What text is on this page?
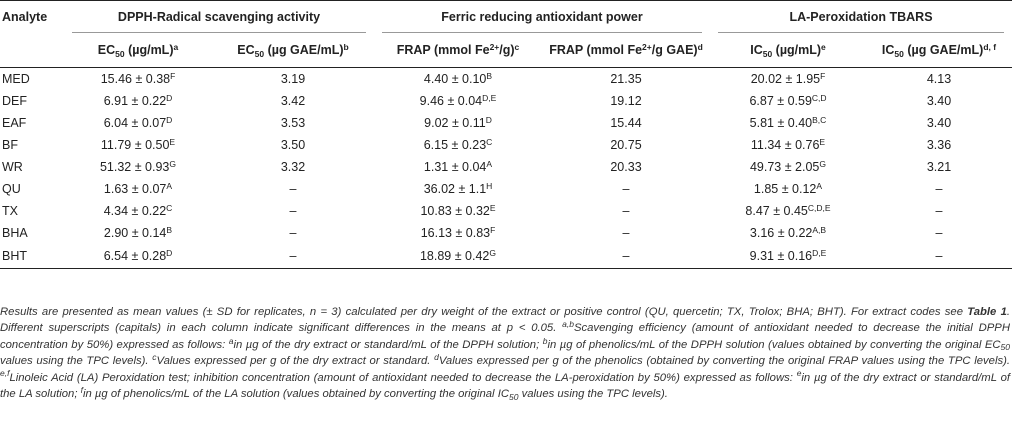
Analyte	DPPH-Radical scavenging activity		Ferric reducing antioxidant power		LA-Peroxidation TBARS	
	$EC_{50}$ $(\mu g/mL)^a$	$EC_{50}$ (µg GAE/mL)$^b$	FRAP (mmol $Fe^{2+}/g)^c$	FRAP (mmol $Fe^{2+}/g$ GAE)$^d$	$IC_{50}$ $(\mu g/mL)^e$	$IC_{50}$ (µg GAE/mL)$^{d, f}$
MED	$15.46 \pm 0.38^F$	3.19	$4.40 \pm 0.10^B$	21.35	$20.02 \pm 1.95^F$	4.13
DEF	$6.91 \pm 0.22^D$	3.42	$9.46 \pm 0.04^{D,E}$	19.12	$6.87 \pm 0.59^{C,D}$	3.40
EAF	$6.04 \pm 0.07^D$	3.53	$9.02 \pm 0.11^D$	15.44	$5.81 \pm 0.40^{B,C}$	3.40
BF	$11.79 \pm 0.50^E$	3.50	$6.15 \pm 0.23^C$	20.75	$11.34 \pm 0.76^E$	3.36
WR	$51.32 \pm 0.93^G$	3.32	$1.31 \pm 0.04^A$	20.33	$49.73 \pm 2.05^G$	3.21
QU	$1.63 \pm 0.07^A$	–	$36.02 \pm 1.1^H$	–	$1.85 \pm 0.12^A$	–
TX	$4.34 \pm 0.22^C$	–	$10.83 \pm 0.32^E$	–	$8.47 \pm 0.45^{C,D,E}$	–
BHA	$2.90 \pm 0.14^B$	–	$16.13 \pm 0.83^F$	–	$3.16 \pm 0.22^{A,B}$	–
BHT	$6.54 \pm 0.28^D$	–	$18.89 \pm 0.42^G$	–	$9.31 \pm 0.16^{D,E}$	–

Results are presented as mean values (± SD for replicates, n = 3) calculated per dry weight of the extract or positive control (QU, quercetin; TX, Trolox; BHA; BHT). For extract codes see Table 1. Different superscripts (capitals) in each column indicate significant differences in the means at p < 0.05. $^{a,b}$Scavenging efficiency (amount of antioxidant needed to decrease the initial DPPH concentration by 50%) expressed as follows: $^a$in µg of the dry extract or standard/mL of the DPPH solution; $^b$in µg of phenolics/mL of the DPPH solution (values obtained by converting the original $EC_{50}$ values using the TPC levels). $^c$Values expressed per g of the dry extract or standard. $^d$Values expressed per g of the phenolics (obtained by converting the original FRAP values using the TPC levels). $^{e,f}$Linoleic Acid (LA) Peroxidation test; inhibition concentration (amount of antioxidant needed to decrease the LA-peroxidation by 50%) expressed as follows: $^e$in µg of the dry extract or standard/mL of the LA solution; $^f$in µg of phenolics/mL of the LA solution (values obtained by converting the original $IC_{50}$ values using the TPC levels).
